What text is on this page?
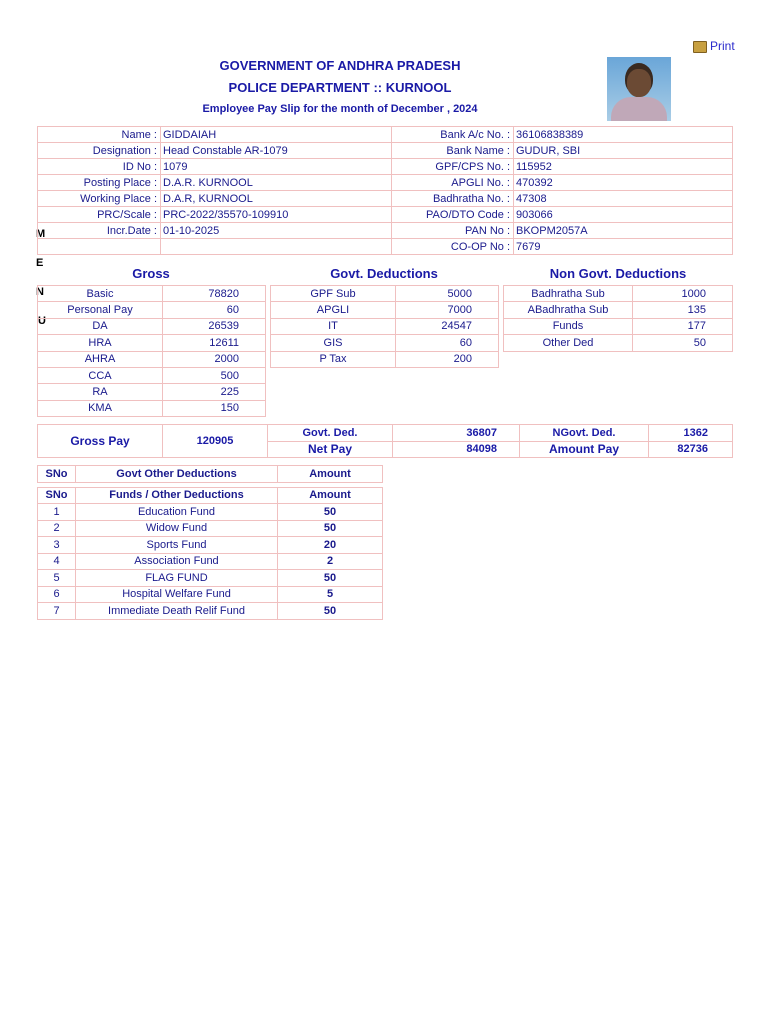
Print
GOVERNMENT OF ANDHRA PRADESH
POLICE DEPARTMENT :: KURNOOL
Employee Pay Slip for the month of December , 2024
M
E
N
U
Name :	GIDDAIAH	Bank A/c No. :	36106838389
Designation :	Head Constable AR-1079	Bank Name :	GUDUR, SBI
ID No :	1079	GPF/CPS No. :	115952
Posting Place :	D.A.R. KURNOOL	APGLI No. :	470392
Working Place :	D.A.R, KURNOOL	Badhratha No. :	47308
PRC/Scale :	PRC-2022/35570-109910	PAO/DTO Code :	903066
Incr.Date :	01-10-2025	PAN No :	BKOPM2057A
		CO-OP No :	7679
Gross	Govt. Deductions	Non Govt. Deductions
Basic	78820
Personal Pay	60
DA	26539
HRA	12611
AHRA	2000
CCA	500
RA	225
KMA	150
GPF Sub	5000
APGLI	7000
IT	24547
GIS	60
P Tax	200
Badhratha Sub	1000
ABadhratha Sub	135
Funds	177
Other Ded	50
Gross Pay	120905	Govt. Ded.	36807	NGovt. Ded.	1362
		Net Pay	84098	Amount Pay	82736
SNo	Govt Other Deductions	Amount

SNo	Funds / Other Deductions	Amount
1	Education Fund	50
2	Widow Fund	50
3	Sports Fund	20
4	Association Fund	2
5	FLAG FUND	50
6	Hospital Welfare Fund	5
7	Immediate Death Relif Fund	50
